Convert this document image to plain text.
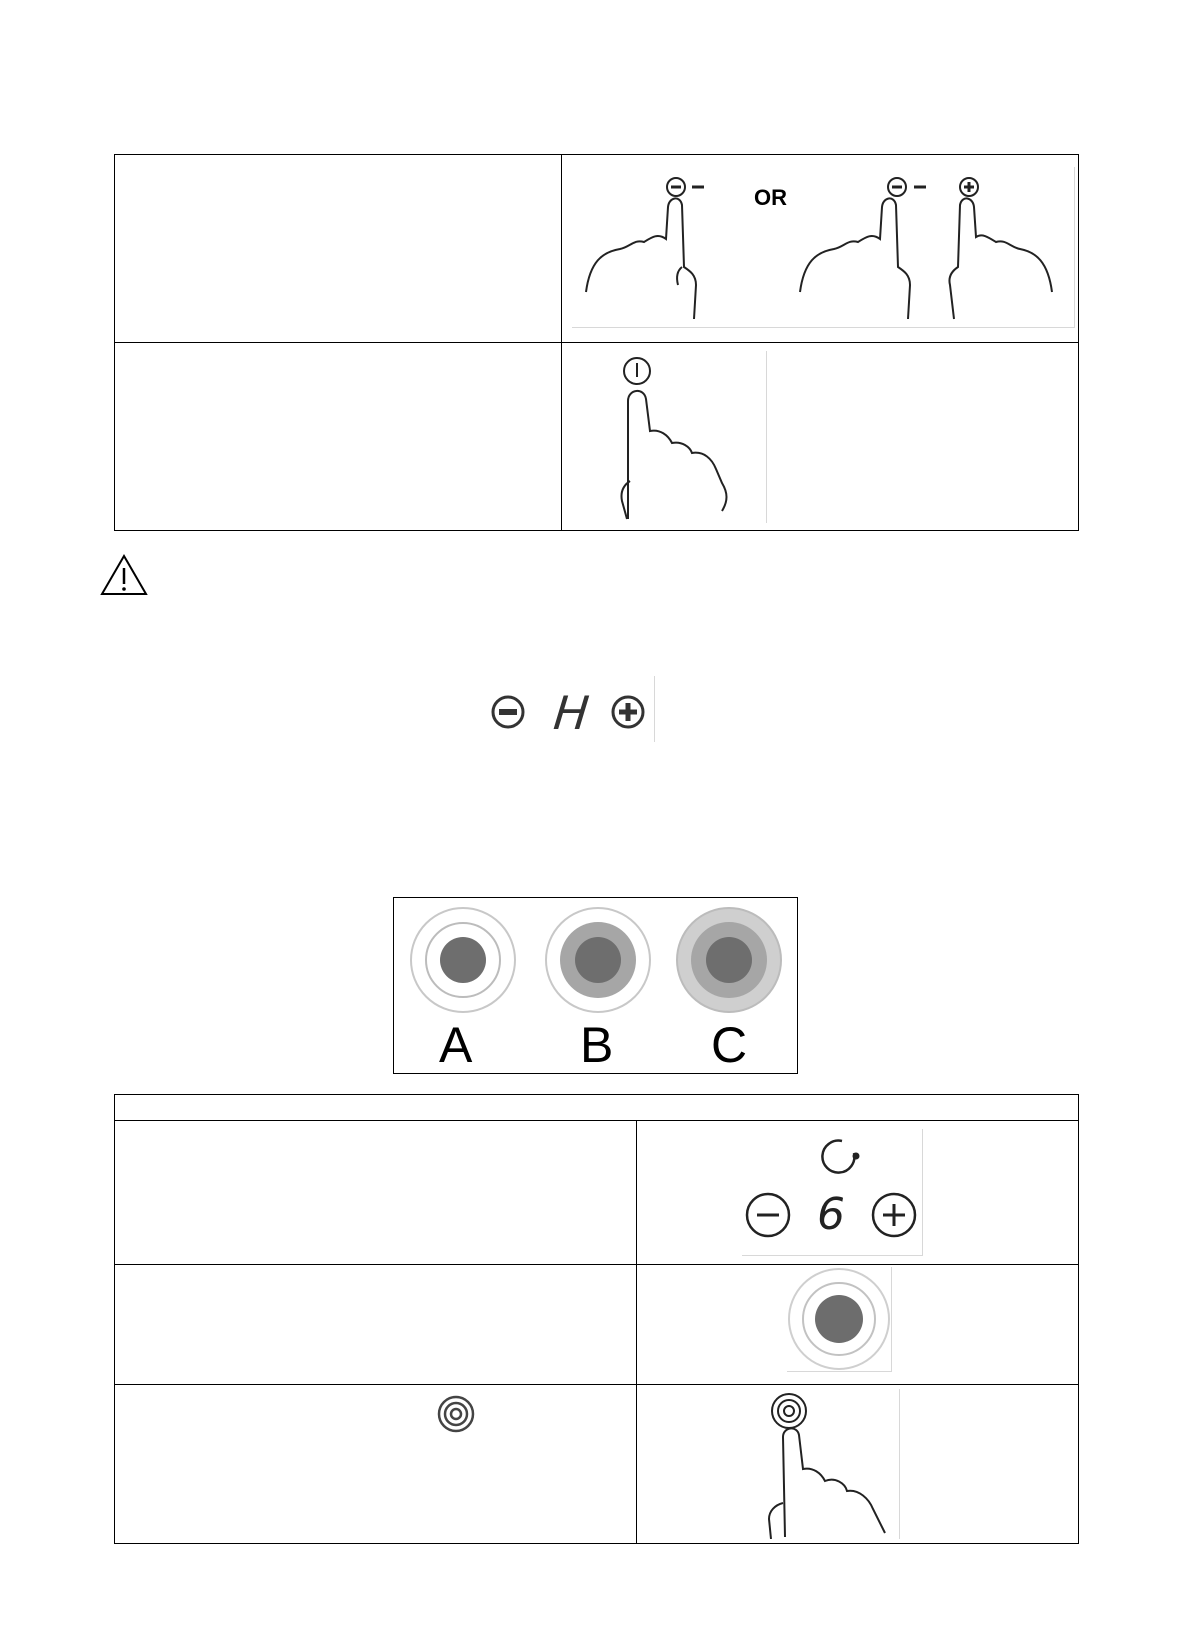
	OR

H
A B C

	6
